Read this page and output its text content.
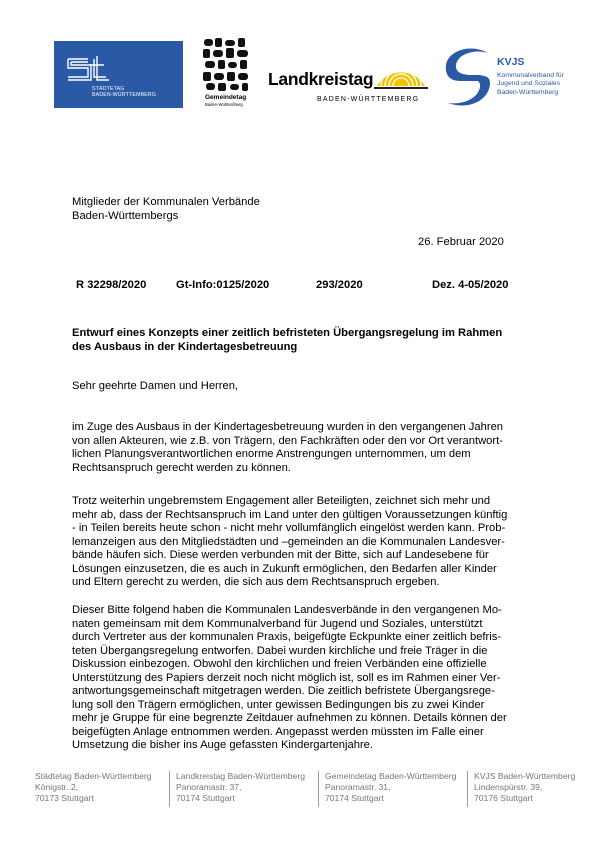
STÄDTETAG
BADEN-WÜRTTEMBERG	Gemeindetag
Baden-Württemberg
Landkreistag
BADEN-WÜRTTEMBERG
KVJS
Kommunalverband für
Jugend und Soziales
Baden-Württemberg
Mitglieder der Kommunalen Verbände
Baden-Württembergs
26. Februar 2020
R 32298/2020	Gt-Info:0125/2020	293/2020	Dez. 4-05/2020
Entwurf eines Konzepts einer zeitlich befristeten Übergangsregelung im Rahmen
des Ausbaus in der Kindertagesbetreuung
Sehr geehrte Damen und Herren,
im Zuge des Ausbaus in der Kindertagesbetreuung wurden in den vergangenen Jahren
von allen Akteuren, wie z.B. von Trägern, den Fachkräften oder den vor Ort verantwort-
lichen Planungsverantwortlichen enorme Anstrengungen unternommen, um dem
Rechtsanspruch gerecht werden zu können.
Trotz weiterhin ungebremstem Engagement aller Beteiligten, zeichnet sich mehr und
mehr ab, dass der Rechtsanspruch im Land unter den gültigen Voraussetzungen künftig
- in Teilen bereits heute schon - nicht mehr vollumfänglich eingelöst werden kann. Prob-
lemanzeigen aus den Mitgliedstädten und –gemeinden an die Kommunalen Landesver-
bände häufen sich. Diese werden verbunden mit der Bitte, sich auf Landesebene für
Lösungen einzusetzen, die es auch in Zukunft ermöglichen, den Bedarfen aller Kinder
und Eltern gerecht zu werden, die sich aus dem Rechtsanspruch ergeben.
Dieser Bitte folgend haben die Kommunalen Landesverbände in den vergangenen Mo-
naten gemeinsam mit dem Kommunalverband für Jugend und Soziales, unterstützt
durch Vertreter aus der kommunalen Praxis, beigefügte Eckpunkte einer zeitlich befris-
teten Übergangsregelung entworfen. Dabei wurden kirchliche und freie Träger in die
Diskussion einbezogen. Obwohl den kirchlichen und freien Verbänden eine offizielle
Unterstützung des Papiers derzeit noch nicht möglich ist, soll es im Rahmen einer Ver-
antwortungsgemeinschaft mitgetragen werden. Die zeitlich befristete Übergangsrege-
lung soll den Trägern ermöglichen, unter gewissen Bedingungen bis zu zwei Kinder
mehr je Gruppe für eine begrenzte Zeitdauer aufnehmen zu können. Details können der
beigefügten Anlage entnommen werden. Angepasst werden müssten im Falle einer
Umsetzung die bisher ins Auge gefassten Kindergartenjahre.
Städtetag Baden-Württemberg
Königstr. 2,
70173 Stuttgart
Landkreistag Baden-Württemberg
Panoramastr. 37,
70174 Stuttgart
Gemeindetag Baden-Württemberg
Panoramastr. 31,
70174 Stuttgart
KVJS Baden-Württemberg
Lindenspürstr. 39,
70176 Stuttgart
